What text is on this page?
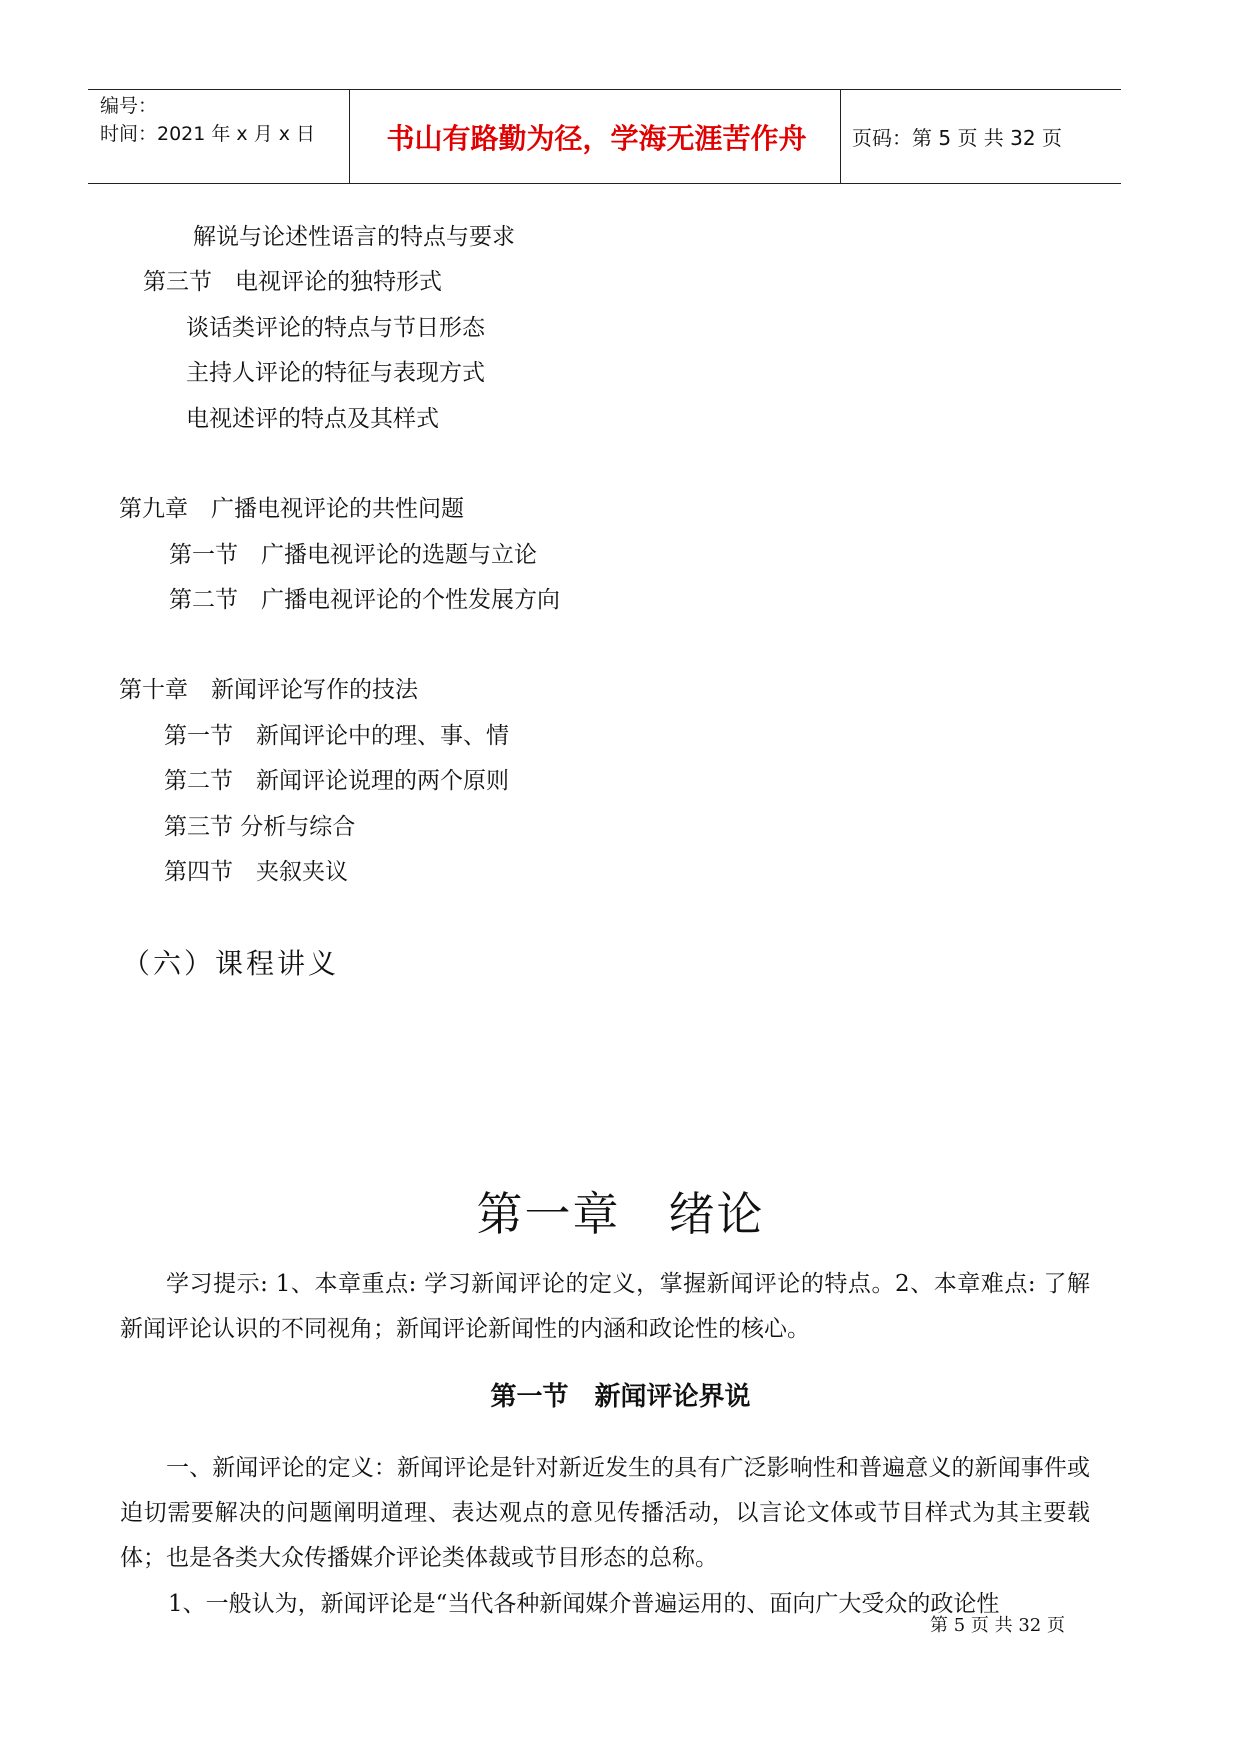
编号：
时间：2021 年 x 月 x 日	书山有路勤为径，学海无涯苦作舟	页码：第 5 页 共 32 页
解说与论述性语言的特点与要求
第三节　电视评论的独特形式
谈话类评论的特点与节日形态
主持人评论的特征与表现方式
电视述评的特点及其样式
第九章　广播电视评论的共性问题
第一节　广播电视评论的选题与立论
第二节　广播电视评论的个性发展方向
第十章　新闻评论写作的技法
第一节　新闻评论中的理、事、情
第二节　新闻评论说理的两个原则
第三节 分析与综合
第四节　夹叙夹议
（六）课程讲义
第一章　绪论
学习提示: 1、本章重点: 学习新闻评论的定义，掌握新闻评论的特点。2、本章难点: 了解新闻评论认识的不同视角；新闻评论新闻性的内涵和政论性的核心。
第一节　新闻评论界说
一、新闻评论的定义：新闻评论是针对新近发生的具有广泛影响性和普遍意义的新闻事件或迫切需要解决的问题阐明道理、表达观点的意见传播活动，以言论文体或节目样式为其主要载体；也是各类大众传播媒介评论类体裁或节目形态的总称。
1、一般认为，新闻评论是“当代各种新闻媒介普遍运用的、面向广大受众的政论性
第 5 页 共 32 页
